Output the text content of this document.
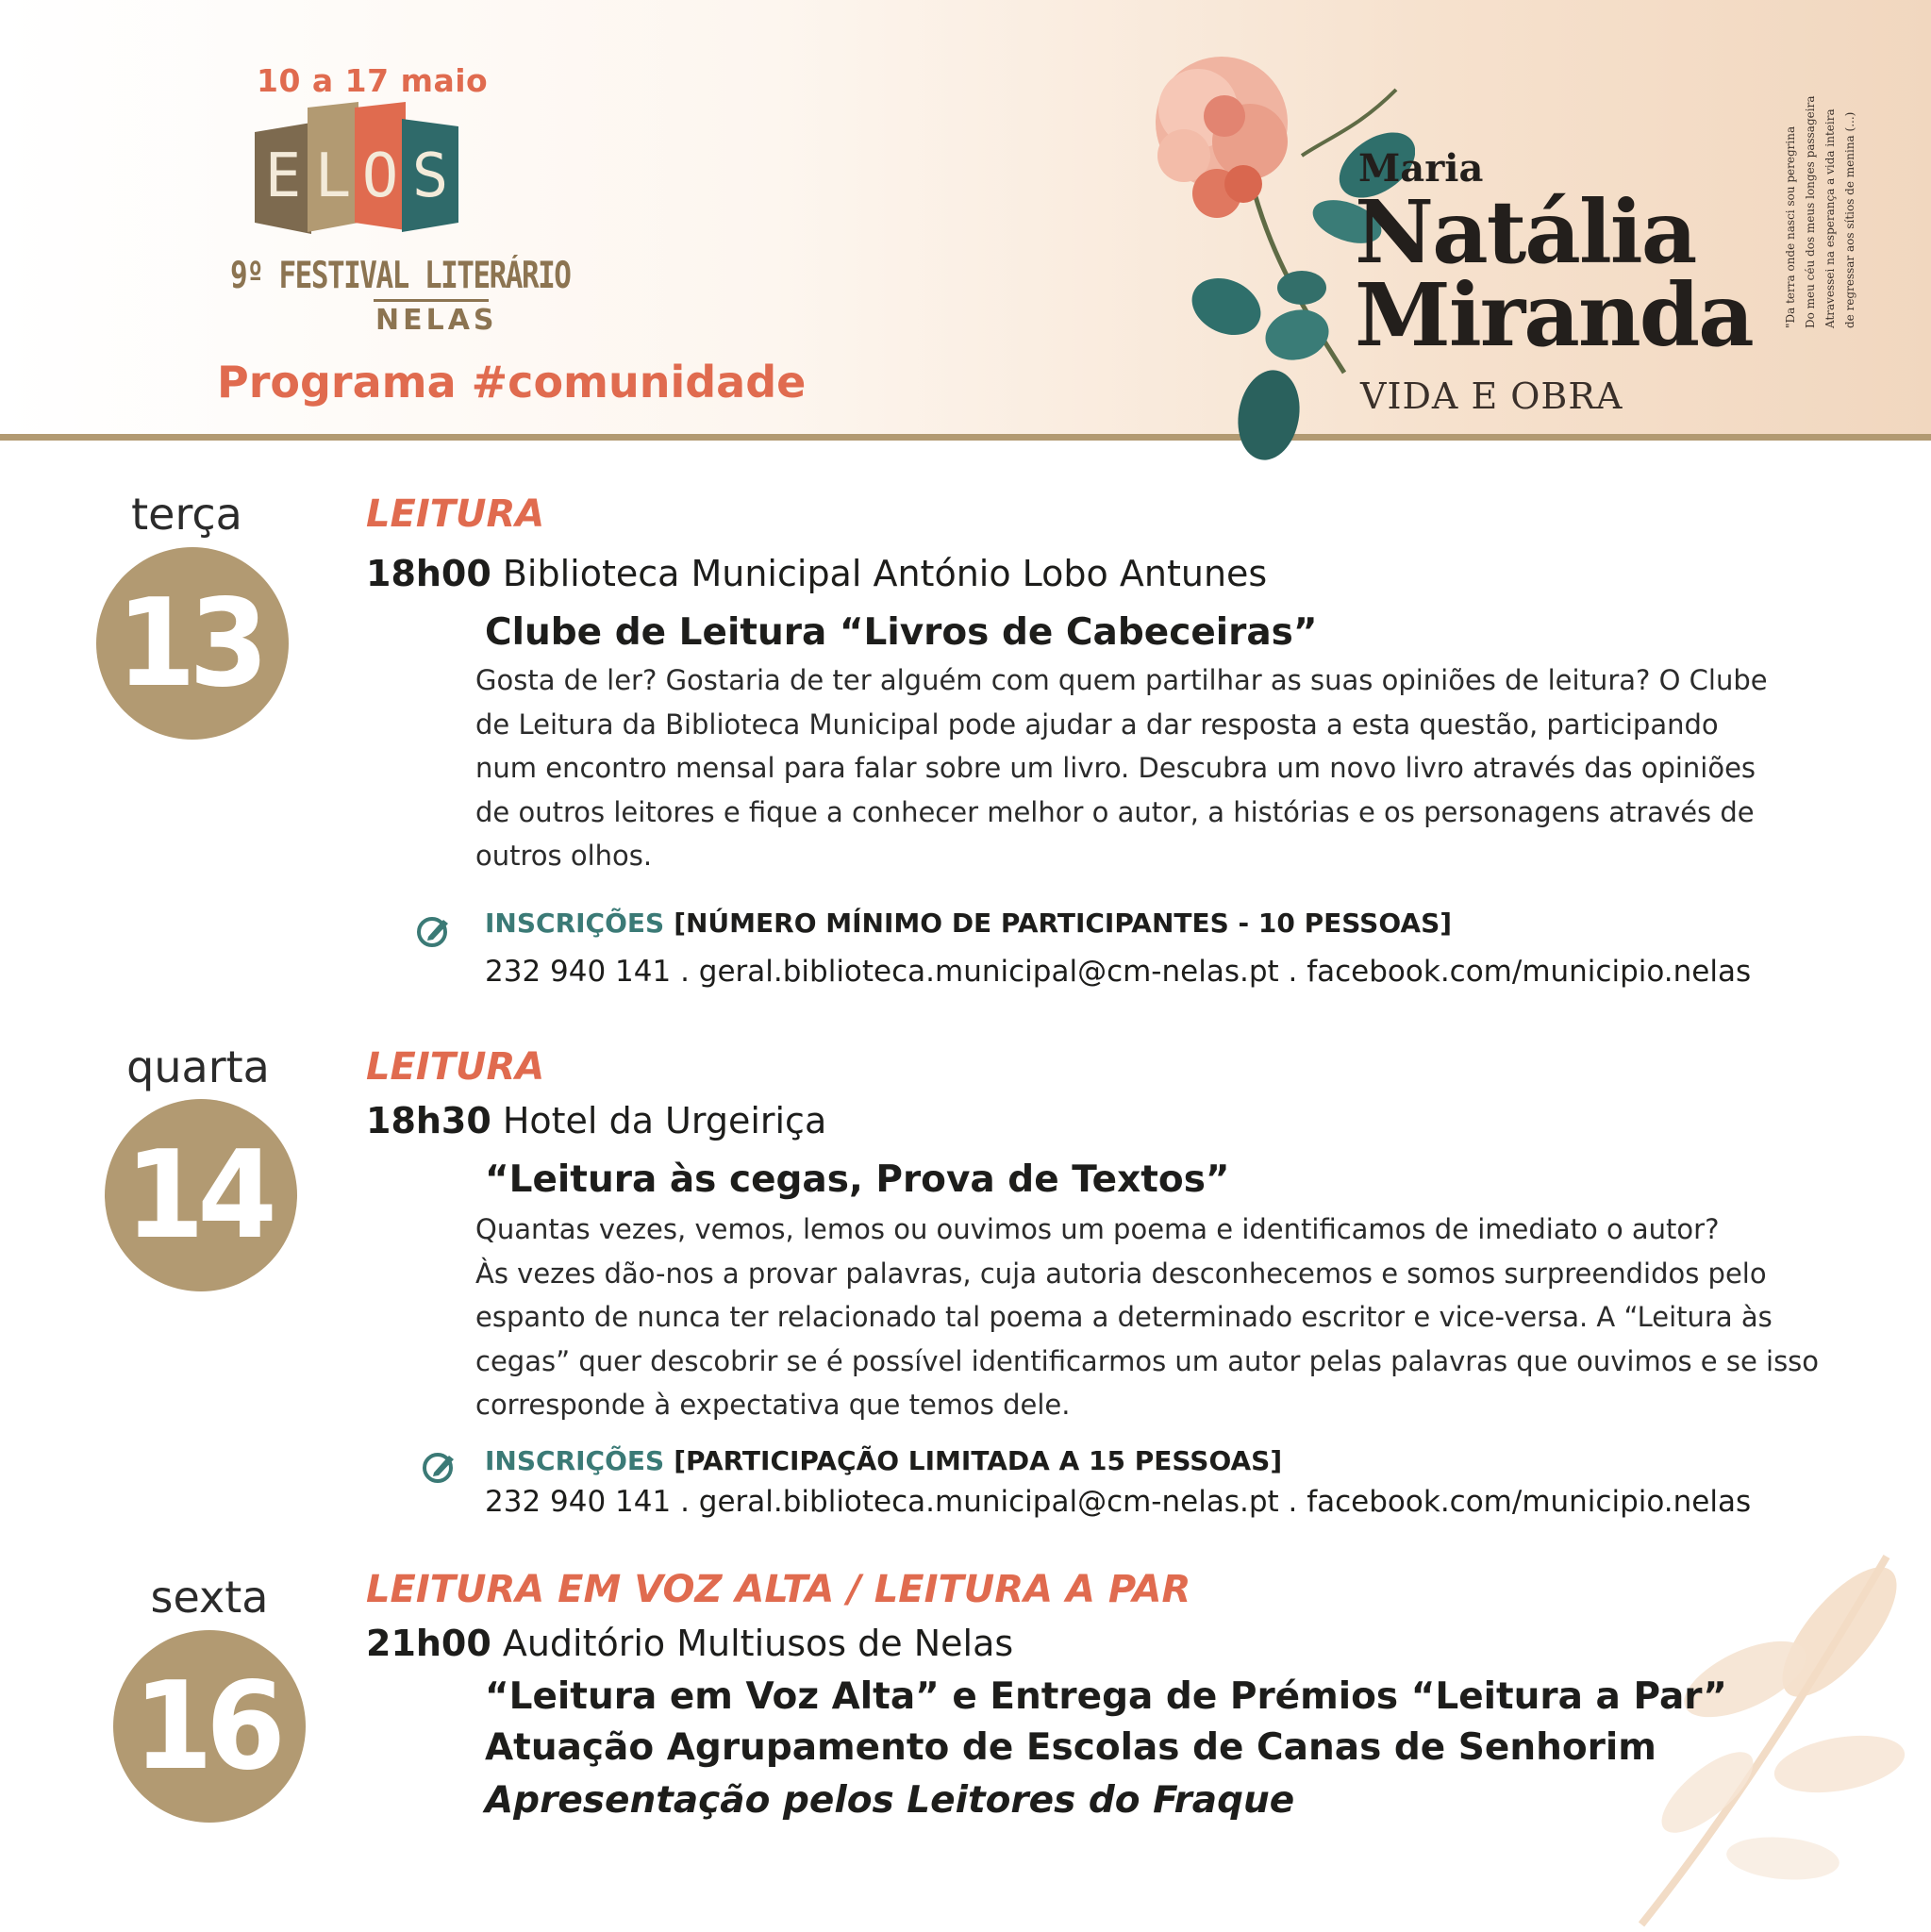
10 a 17 maio
E L O S
9º FESTIVAL LITERÁRIO
NELAS
Programa #comunidade
Maria
Natália
Miranda
VIDA E OBRA
"Da terra onde nasci sou peregrina Do meu céu dos meus longes passageira Atravessei na esperança a vida inteira de regressar aos sítios de menina (...)
terça
13
LEITURA
18h00 Biblioteca Municipal António Lobo Antunes
Clube de Leitura “Livros de Cabeceiras”
Gosta de ler? Gostaria de ter alguém com quem partilhar as suas opiniões de leitura? O Clube
de Leitura da Biblioteca Municipal pode ajudar a dar resposta a esta questão, participando
num encontro mensal para falar sobre um livro. Descubra um novo livro através das opiniões
de outros leitores e fique a conhecer melhor o autor, a histórias e os personagens através de
outros olhos.
INSCRIÇÕES [NÚMERO MÍNIMO DE PARTICIPANTES - 10 PESSOAS]
232 940 141 . geral.biblioteca.municipal@cm-nelas.pt . facebook.com/municipio.nelas
quarta
14
LEITURA
18h30 Hotel da Urgeiriça
“Leitura às cegas, Prova de Textos”
Quantas vezes, vemos, lemos ou ouvimos um poema e identificamos de imediato o autor?
Às vezes dão-nos a provar palavras, cuja autoria desconhecemos e somos surpreendidos pelo
espanto de nunca ter relacionado tal poema a determinado escritor e vice-versa. A “Leitura às
cegas” quer descobrir se é possível identificarmos um autor pelas palavras que ouvimos e se isso
corresponde à expectativa que temos dele.
INSCRIÇÕES [PARTICIPAÇÃO LIMITADA A 15 PESSOAS]
232 940 141 . geral.biblioteca.municipal@cm-nelas.pt . facebook.com/municipio.nelas
sexta
16
LEITURA EM VOZ ALTA / LEITURA A PAR
21h00 Auditório Multiusos de Nelas
“Leitura em Voz Alta” e Entrega de Prémios “Leitura a Par”
Atuação Agrupamento de Escolas de Canas de Senhorim
Apresentação pelos Leitores do Fraque
